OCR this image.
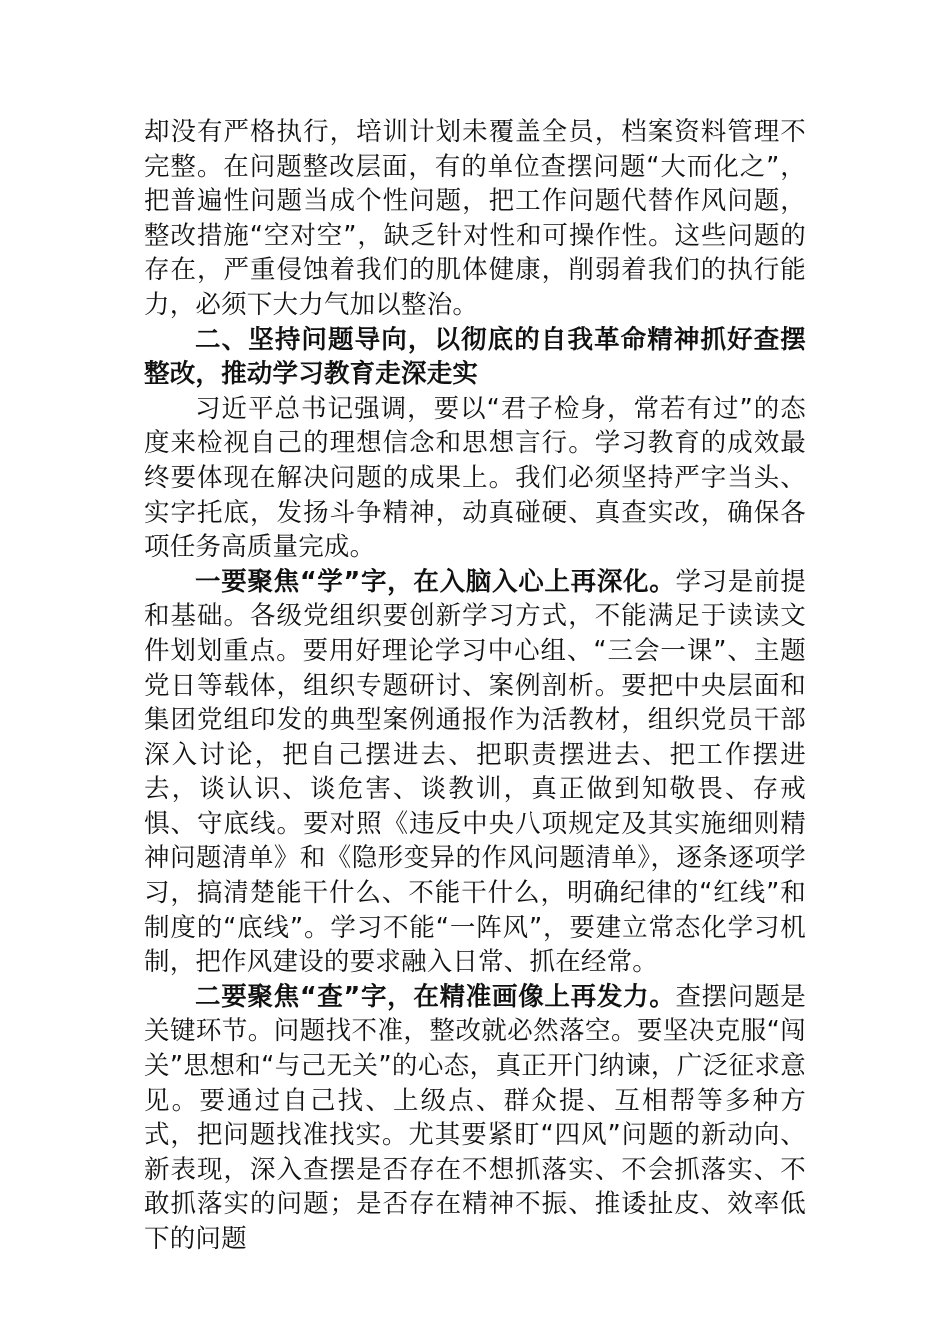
却没有严格执行，培训计划未覆盖全员，档案资料管理不完整。在问题整改层面，有的单位查摆问题“大而化之”，把普遍性问题当成个性问题，把工作问题代替作风问题，整改措施“空对空”，缺乏针对性和可操作性。这些问题的存在，严重侵蚀着我们的肌体健康，削弱着我们的执行能力，必须下大力气加以整治。

二、坚持问题导向，以彻底的自我革命精神抓好查摆整改，推动学习教育走深走实

习近平总书记强调，要以“君子检身，常若有过”的态度来检视自己的理想信念和思想言行。学习教育的成效最终要体现在解决问题的成果上。我们必须坚持严字当头、实字托底，发扬斗争精神，动真碰硬、真查实改，确保各项任务高质量完成。

一要聚焦“学”字，在入脑入心上再深化。学习是前提和基础。各级党组织要创新学习方式，不能满足于读读文件划划重点。要用好理论学习中心组、“三会一课”、主题党日等载体，组织专题研讨、案例剖析。要把中央层面和集团党组印发的典型案例通报作为活教材，组织党员干部深入讨论，把自己摆进去、把职责摆进去、把工作摆进去，谈认识、谈危害、谈教训，真正做到知敬畏、存戒惧、守底线。要对照《违反中央八项规定及其实施细则精神问题清单》和《隐形变异的作风问题清单》，逐条逐项学习，搞清楚能干什么、不能干什么，明确纪律的“红线”和制度的“底线”。学习不能“一阵风”，要建立常态化学习机制，把作风建设的要求融入日常、抓在经常。

二要聚焦“查”字，在精准画像上再发力。查摆问题是关键环节。问题找不准，整改就必然落空。要坚决克服“闯关”思想和“与己无关”的心态，真正开门纳谏，广泛征求意见。要通过自己找、上级点、群众提、互相帮等多种方式，把问题找准找实。尤其要紧盯“四风”问题的新动向、新表现，深入查摆是否存在不想抓落实、不会抓落实、不敢抓落实的问题；是否存在精神不振、推诿扯皮、效率低下的问题
